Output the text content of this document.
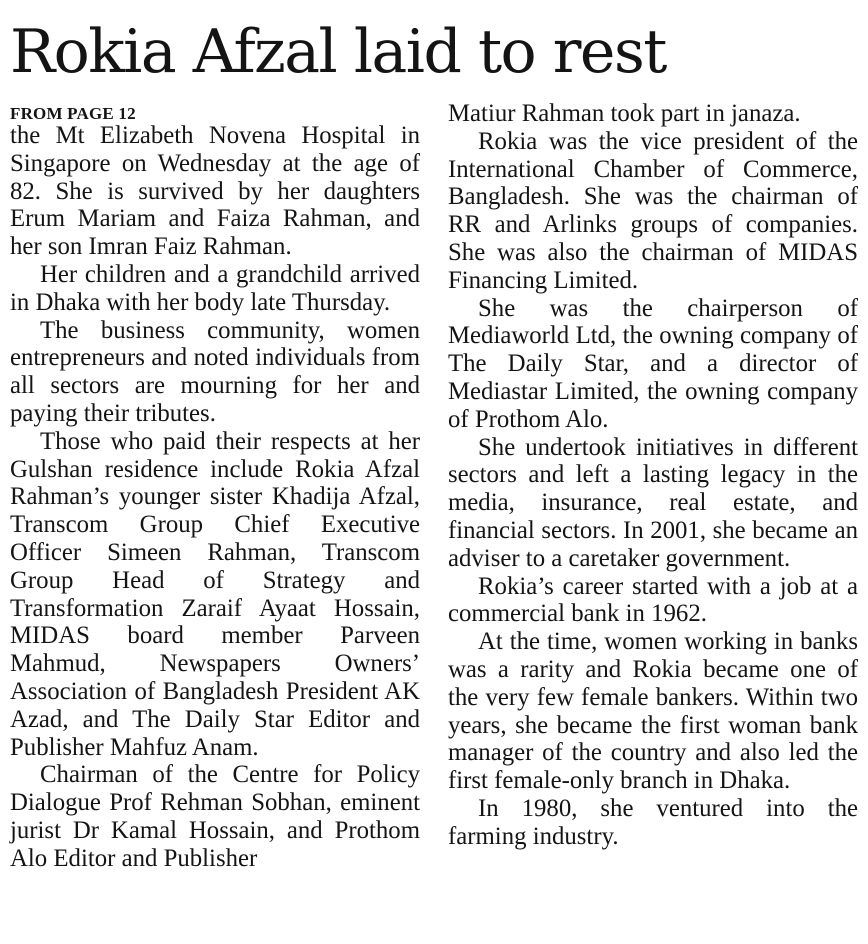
Rokia Afzal laid to rest
FROM PAGE 12

the Mt Elizabeth Novena Hospital in Singapore on Wednesday at the age of 82. She is survived by her daughters Erum Mariam and Faiza Rahman, and her son Imran Faiz Rahman.

Her children and a grandchild arrived in Dhaka with her body late Thursday.

The business community, women entrepreneurs and noted individuals from all sectors are mourning for her and paying their tributes.

Those who paid their respects at her Gulshan residence include Rokia Afzal Rahman’s younger sister Khadija Afzal, Transcom Group Chief Executive Officer Simeen Rahman, Transcom Group Head of Strategy and Transformation Zaraif Ayaat Hossain, MIDAS board member Parveen Mahmud, Newspapers Owners’ Association of Bangladesh President AK Azad, and The Daily Star Editor and Publisher Mahfuz Anam.

Chairman of the Centre for Policy Dialogue Prof Rehman Sobhan, eminent jurist Dr Kamal Hossain, and Prothom Alo Editor and Publisher

Matiur Rahman took part in janaza.

Rokia was the vice president of the International Chamber of Commerce, Bangladesh. She was the chairman of RR and Arlinks groups of companies. She was also the chairman of MIDAS Financing Limited.

She was the chairperson of Mediaworld Ltd, the owning company of The Daily Star, and a director of Mediastar Limited, the owning company of Prothom Alo.

She undertook initiatives in different sectors and left a lasting legacy in the media, insurance, real estate, and financial sectors. In 2001, she became an adviser to a caretaker government.

Rokia’s career started with a job at a commercial bank in 1962.

At the time, women working in banks was a rarity and Rokia became one of the very few female bankers. Within two years, she became the first woman bank manager of the country and also led the first female-only branch in Dhaka.

In 1980, she ventured into the farming industry.
